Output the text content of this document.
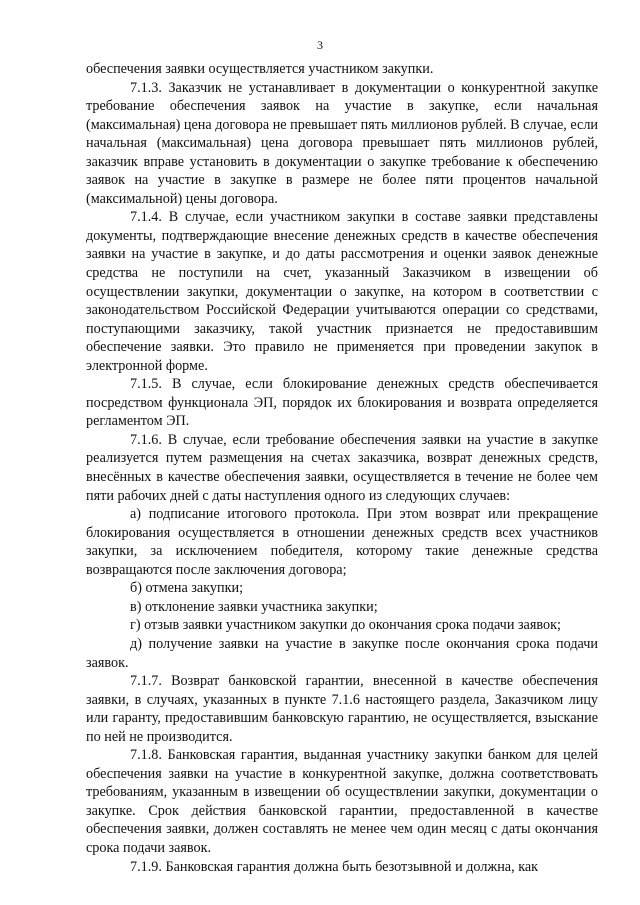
3

обеспечения заявки осуществляется участником закупки.

7.1.3. Заказчик не устанавливает в документации о конкурентной закупке требование обеспечения заявок на участие в закупке, если начальная (максимальная) цена договора не превышает пять миллионов рублей. В случае, если начальная (максимальная) цена договора превышает пять миллионов рублей, заказчик вправе установить в документации о закупке требование к обеспечению заявок на участие в закупке в размере не более пяти процентов начальной (максимальной) цены договора.

7.1.4. В случае, если участником закупки в составе заявки представлены документы, подтверждающие внесение денежных средств в качестве обеспечения заявки на участие в закупке, и до даты рассмотрения и оценки заявок денежные средства не поступили на счет, указанный Заказчиком в извещении об осуществлении закупки, документации о закупке, на котором в соответствии с законодательством Российской Федерации учитываются операции со средствами, поступающими заказчику, такой участник признается не предоставившим обеспечение заявки. Это правило не применяется при проведении закупок в электронной форме.

7.1.5. В случае, если блокирование денежных средств обеспечивается посредством функционала ЭП, порядок их блокирования и возврата определяется регламентом ЭП.

7.1.6. В случае, если требование обеспечения заявки на участие в закупке реализуется путем размещения на счетах заказчика, возврат денежных средств, внесённых в качестве обеспечения заявки, осуществляется в течение не более чем пяти рабочих дней с даты наступления одного из следующих случаев:

а) подписание итогового протокола. При этом возврат или прекращение блокирования осуществляется в отношении денежных средств всех участников закупки, за исключением победителя, которому такие денежные средства возвращаются после заключения договора;

б) отмена закупки;

в) отклонение заявки участника закупки;

г) отзыв заявки участником закупки до окончания срока подачи заявок;

д) получение заявки на участие в закупке после окончания срока подачи заявок.

7.1.7. Возврат банковской гарантии, внесенной в качестве обеспечения заявки, в случаях, указанных в пункте 7.1.6 настоящего раздела, Заказчиком лицу или гаранту, предоставившим банковскую гарантию, не осуществляется, взыскание по ней не производится.

7.1.8. Банковская гарантия, выданная участнику закупки банком для целей обеспечения заявки на участие в конкурентной закупке, должна соответствовать требованиям, указанным в извещении об осуществлении закупки, документации о закупке. Срок действия банковской гарантии, предоставленной в качестве обеспечения заявки, должен составлять не менее чем один месяц с даты окончания срока подачи заявок.

7.1.9. Банковская гарантия должна быть безотзывной и должна, как
